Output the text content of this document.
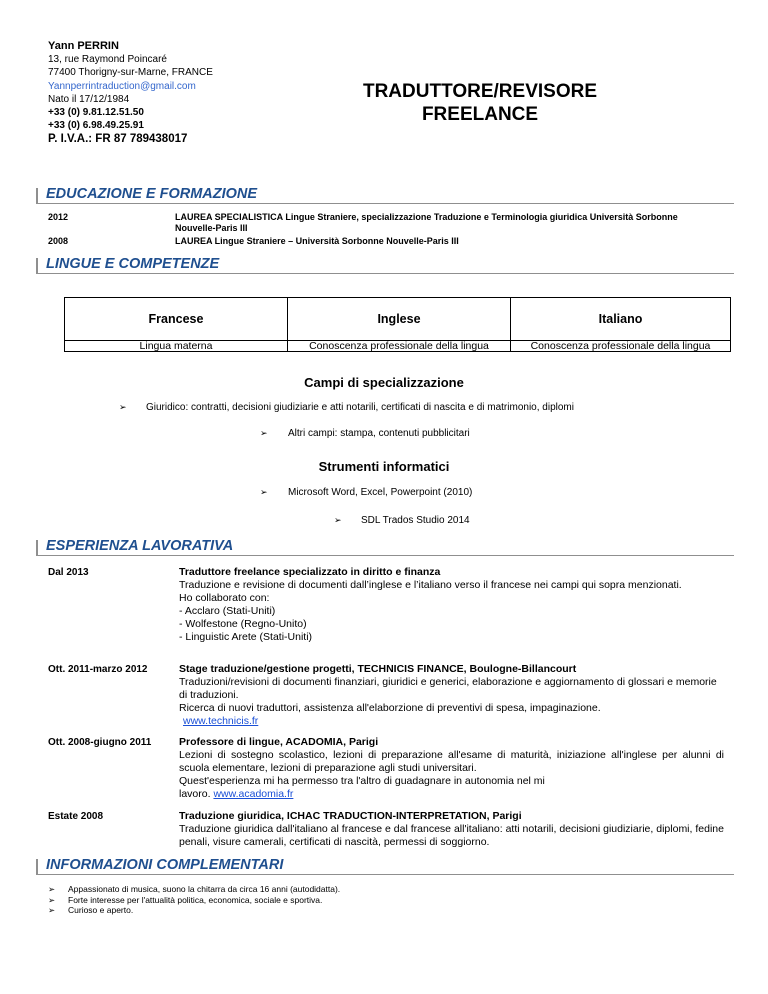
Yann PERRIN
13, rue Raymond Poincaré
77400 Thorigny-sur-Marne, FRANCE
Yannperrintraduction@gmail.com
Nato il 17/12/1984
+33 (0) 9.81.12.51.50
+33 (0) 6.98.49.25.91
P. I.V.A.: FR 87 789438017
TRADUTTORE/REVISORE
FREELANCE
EDUCAZIONE E FORMAZIONE
2012	LAUREA SPECIALISTICA Lingue Straniere, specializzazione Traduzione e Terminologia giuridica Università Sorbonne Nouvelle-Paris III
2008	LAUREA Lingue Straniere – Università Sorbonne Nouvelle-Paris III
LINGUE E COMPETENZE
Francese	Inglese	Italiano
Lingua materna	Conoscenza professionale della lingua	Conoscenza professionale della lingua
Campi di specializzazione
➢ Giuridico: contratti, decisioni giudiziarie e atti notarili, certificati di nascita e di matrimonio, diplomi
➢ Altri campi: stampa, contenuti pubblicitari
Strumenti informatici
➢ Microsoft Word, Excel, Powerpoint (2010)
➢ SDL Trados Studio 2014
ESPERIENZA LAVORATIVA
Dal 2013	Traduttore freelance specializzato in diritto e finanza
Traduzione e revisione di documenti dall’inglese e l’italiano verso il francese nei campi qui sopra menzionati.
Ho collaborato con:
- Acclaro (Stati-Uniti)
- Wolfestone (Regno-Unito)
- Linguistic Arete (Stati-Uniti)
Ott. 2011-marzo 2012	Stage traduzione/gestione progetti, TECHNICIS FINANCE, Boulogne-Billancourt
Traduzioni/revisioni di documenti finanziari, giuridici e generici, elaborazione e aggiornamento di glossari e memorie di traduzioni.
Ricerca di nuovi traduttori, assistenza all'elaborzione di preventivi di spesa, impaginazione.
www.technicis.fr
Ott. 2008-giugno 2011	Professore di lingue, ACADOMIA, Parigi
Lezioni di sostegno scolastico, lezioni di preparazione all'esame di maturità, iniziazione all'inglese per alunni di scuola elementare, lezioni di preparazione agli studi universitari.
Quest'esperienza mi ha permesso tra l'altro di guadagnare in autonomia nel mi
lavoro. www.acadomia.fr
Estate 2008	Traduzione giuridica, ICHAC TRADUCTION-INTERPRETATION, Parigi
Traduzione giuridica dall'italiano al francese e dal francese all'italiano: atti notarili, decisioni giudiziarie, diplomi, fedine penali, visure camerali, certificati di nascità, permessi di soggiorno.
INFORMAZIONI COMPLEMENTARI
➢	Appassionato di musica, suono la chitarra da circa 16 anni (autodidatta).
➢	Forte interesse per l'attualità politica, economica, sociale e sportiva.
➢	Curioso e aperto.
